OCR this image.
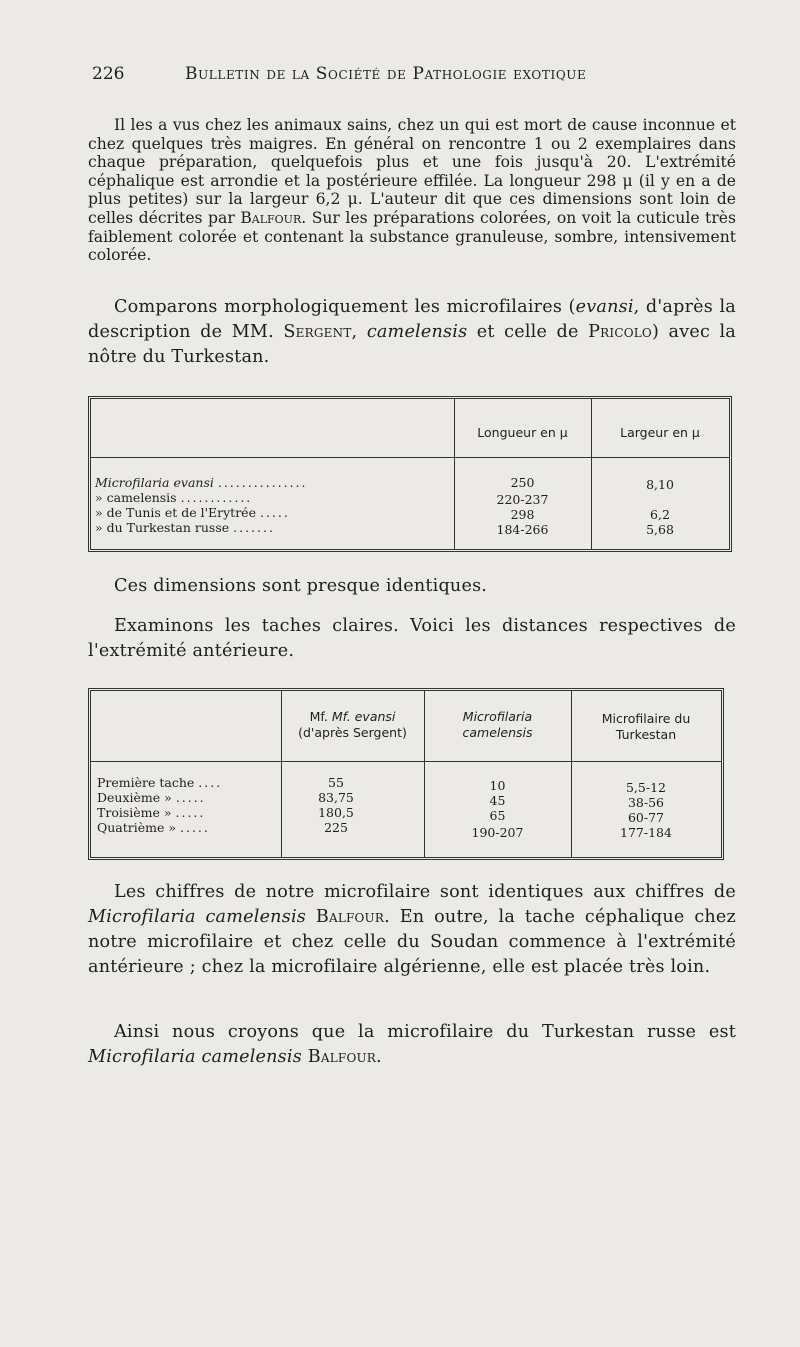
226	Bulletin de la Société de Pathologie exotique

Il les a vus chez les animaux sains, chez un qui est mort de cause inconnue et chez quelques très maigres. En général on rencontre 1 ou 2 exemplaires dans chaque préparation, quelquefois plus et une fois jusqu'à 20. L'extrémité céphalique est arrondie et la postérieure effilée. La longueur 298 μ (il y en a de plus petites) sur la largeur 6,2 μ. L'auteur dit que ces dimensions sont loin de celles décrites par Balfour. Sur les préparations colorées, on voit la cuticule très faiblement colorée et contenant la substance granuleuse, sombre, intensivement colorée.

Comparons morphologiquement les microfilaires (evansi, d'après la description de MM. Sergent, camelensis et celle de Pricolo) avec la nôtre du Turkestan.

Longueur en μ	Largeur en μ
Microfilaria evansi ...............
» camelensis ............
» de Tunis et de l'Erytrée .....
» du Turkestan russe .......
250
220-237
298
184-266
8,10
6,2
5,68

Ces dimensions sont presque identiques.

Examinons les taches claires. Voici les distances respectives de l'extrémité antérieure.

Mf. Mf. evansi
(d'après Sergent)
Microfilaria
camelensis
Microfilaire du
Turkestan
Première tache ....
Deuxième » .....
Troisième » .....
Quatrième » .....
55
83,75
180,5
225
10
45
65
190-207
5,5-12
38-56
60-77
177-184

Les chiffres de notre microfilaire sont identiques aux chiffres de Microfilaria camelensis Balfour. En outre, la tache céphalique chez notre microfilaire et chez celle du Soudan commence à l'extrémité antérieure ; chez la microfilaire algérienne, elle est placée très loin.

Ainsi nous croyons que la microfilaire du Turkestan russe est Microfilaria camelensis Balfour.
